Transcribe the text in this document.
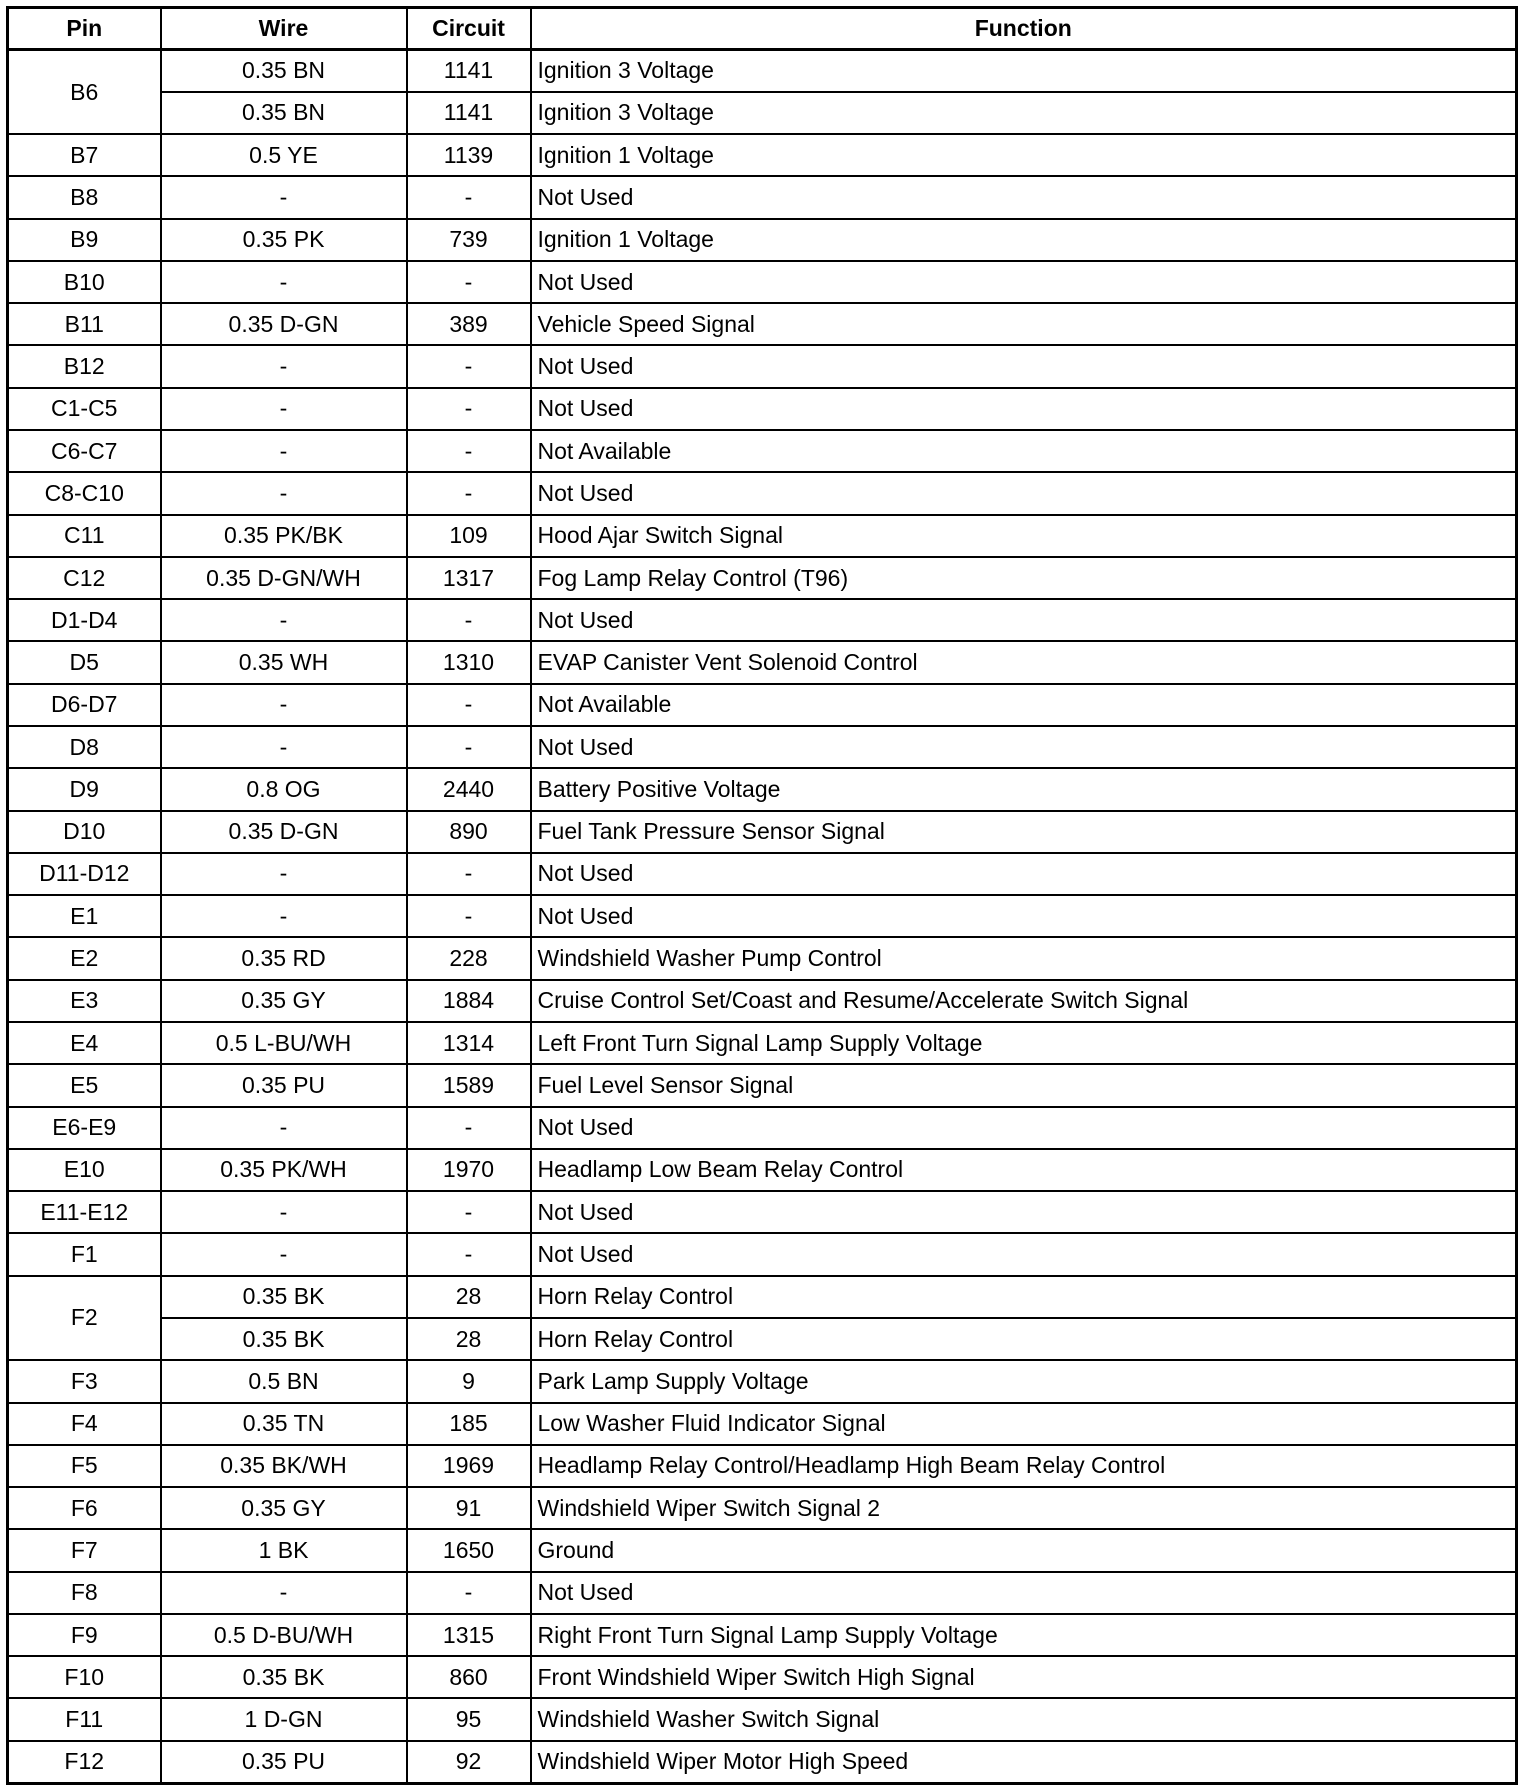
Pin	Wire	Circuit	Function
B6	0.35 BN	1141	Ignition 3 Voltage
	0.35 BN	1141	Ignition 3 Voltage
B7	0.5 YE	1139	Ignition 1 Voltage
B8	-	-	Not Used
B9	0.35 PK	739	Ignition 1 Voltage
B10	-	-	Not Used
B11	0.35 D-GN	389	Vehicle Speed Signal
B12	-	-	Not Used
C1-C5	-	-	Not Used
C6-C7	-	-	Not Available
C8-C10	-	-	Not Used
C11	0.35 PK/BK	109	Hood Ajar Switch Signal
C12	0.35 D-GN/WH	1317	Fog Lamp Relay Control (T96)
D1-D4	-	-	Not Used
D5	0.35 WH	1310	EVAP Canister Vent Solenoid Control
D6-D7	-	-	Not Available
D8	-	-	Not Used
D9	0.8 OG	2440	Battery Positive Voltage
D10	0.35 D-GN	890	Fuel Tank Pressure Sensor Signal
D11-D12	-	-	Not Used
E1	-	-	Not Used
E2	0.35 RD	228	Windshield Washer Pump Control
E3	0.35 GY	1884	Cruise Control Set/Coast and Resume/Accelerate Switch Signal
E4	0.5 L-BU/WH	1314	Left Front Turn Signal Lamp Supply Voltage
E5	0.35 PU	1589	Fuel Level Sensor Signal
E6-E9	-	-	Not Used
E10	0.35 PK/WH	1970	Headlamp Low Beam Relay Control
E11-E12	-	-	Not Used
F1	-	-	Not Used
F2	0.35 BK	28	Horn Relay Control
	0.35 BK	28	Horn Relay Control
F3	0.5 BN	9	Park Lamp Supply Voltage
F4	0.35 TN	185	Low Washer Fluid Indicator Signal
F5	0.35 BK/WH	1969	Headlamp Relay Control/Headlamp High Beam Relay Control
F6	0.35 GY	91	Windshield Wiper Switch Signal 2
F7	1 BK	1650	Ground
F8	-	-	Not Used
F9	0.5 D-BU/WH	1315	Right Front Turn Signal Lamp Supply Voltage
F10	0.35 BK	860	Front Windshield Wiper Switch High Signal
F11	1 D-GN	95	Windshield Washer Switch Signal
F12	0.35 PU	92	Windshield Wiper Motor High Speed
